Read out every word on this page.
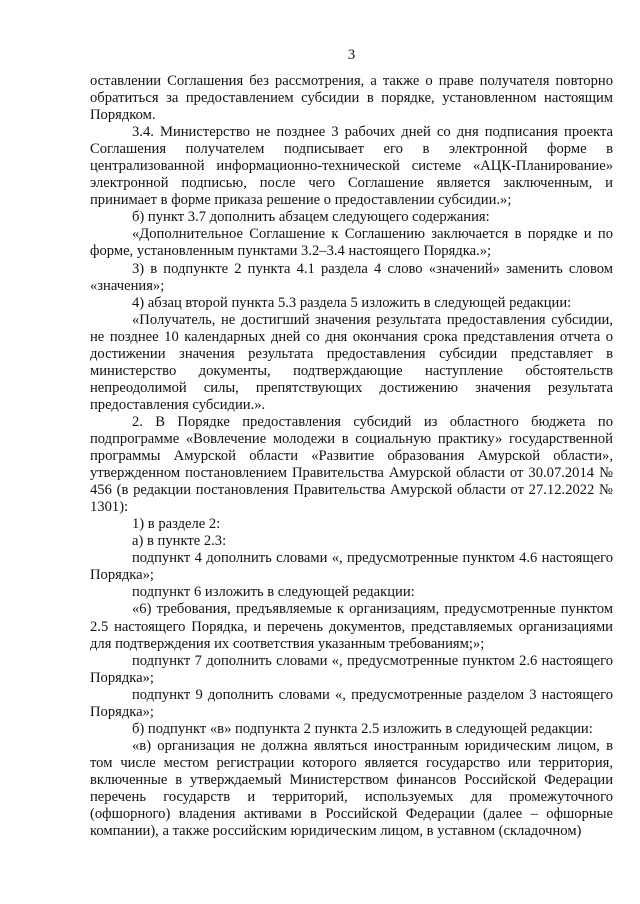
3

оставлении Соглашения без рассмотрения, а также о праве получателя повторно обратиться за предоставлением субсидии в порядке, установленном настоящим Порядком.

3.4. Министерство не позднее 3 рабочих дней со дня подписания проекта Соглашения получателем подписывает его в электронной форме в централизованной информационно-технической системе «АЦК-Планирование» электронной подписью, после чего Соглашение является заключенным, и принимает в форме приказа решение о предоставлении субсидии.»;

б) пункт 3.7 дополнить абзацем следующего содержания:

«Дополнительное Соглашение к Соглашению заключается в порядке и по форме, установленным пунктами 3.2–3.4 настоящего Порядка.»;

3) в подпункте 2 пункта 4.1 раздела 4 слово «значений» заменить словом «значения»;

4) абзац второй пункта 5.3 раздела 5 изложить в следующей редакции:

«Получатель, не достигший значения результата предоставления субсидии, не позднее 10 календарных дней со дня окончания срока представления отчета о достижении значения результата предоставления субсидии представляет в министерство документы, подтверждающие наступление обстоятельств непреодолимой силы, препятствующих достижению значения результата предоставления субсидии.».

2. В Порядке предоставления субсидий из областного бюджета по подпрограмме «Вовлечение молодежи в социальную практику» государственной программы Амурской области «Развитие образования Амурской области», утвержденном постановлением Правительства Амурской области от 30.07.2014 № 456 (в редакции постановления Правительства Амурской области от 27.12.2022 № 1301):

1) в разделе 2:

а) в пункте 2.3:

подпункт 4 дополнить словами «, предусмотренные пунктом 4.6 настоящего Порядка»;

подпункт 6 изложить в следующей редакции:

«6) требования, предъявляемые к организациям, предусмотренные пунктом 2.5 настоящего Порядка, и перечень документов, представляемых организациями для подтверждения их соответствия указанным требованиям;»;

подпункт 7 дополнить словами «, предусмотренные пунктом 2.6 настоящего Порядка»;

подпункт 9 дополнить словами «, предусмотренные разделом 3 настоящего Порядка»;

б) подпункт «в» подпункта 2 пункта 2.5 изложить в следующей редакции:

«в) организация не должна являться иностранным юридическим лицом, в том числе местом регистрации которого является государство или территория, включенные в утверждаемый Министерством финансов Российской Федерации перечень государств и территорий, используемых для промежуточного (офшорного) владения активами в Российской Федерации (далее – офшорные компании), а также российским юридическим лицом, в уставном (складочном)
